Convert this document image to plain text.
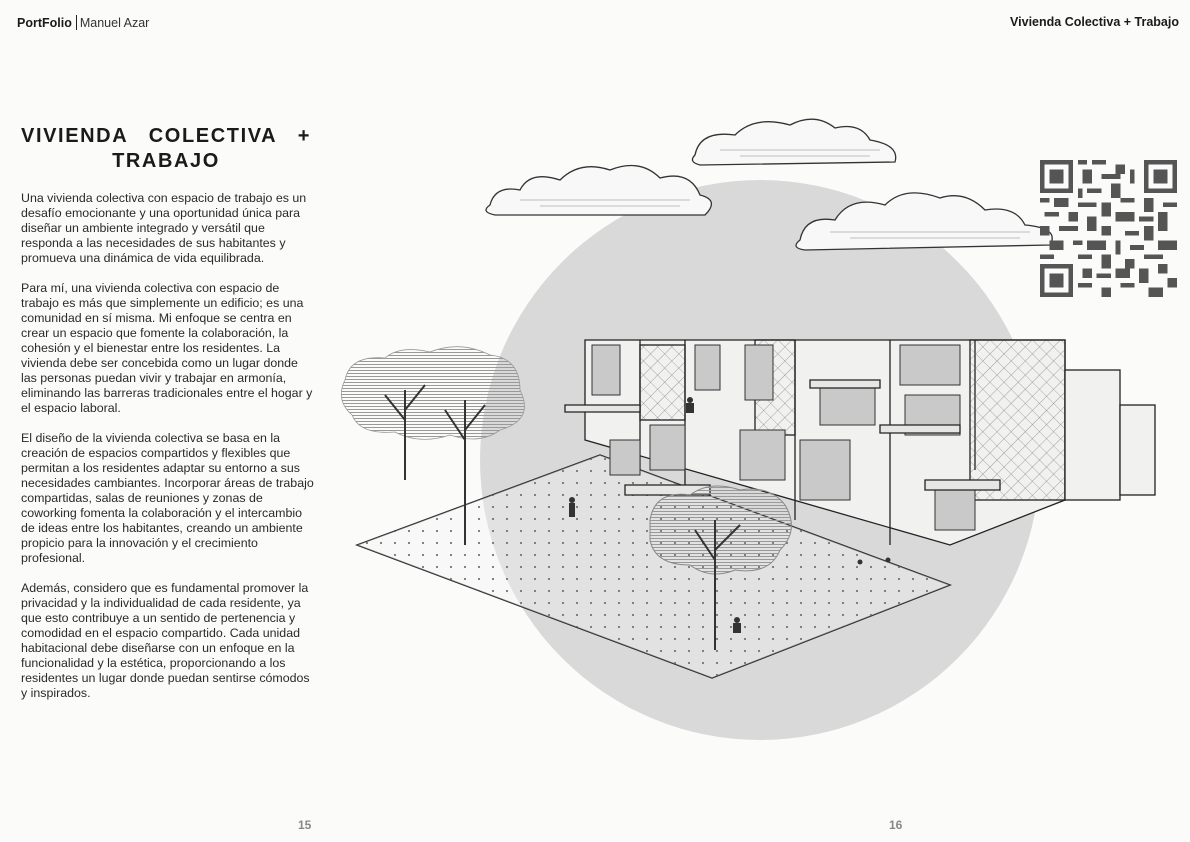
PortFolio Manuel Azar	Vivienda Colectiva + Trabajo
VIVIENDA COLECTIVA + TRABAJO

Una vivienda colectiva con espacio de trabajo es un desafío emocionante y una oportunidad única para diseñar un ambiente integrado y versátil que responda a las necesidades de sus habitantes y promueva una dinámica de vida equilibrada.

Para mí, una vivienda colectiva con espacio de trabajo es más que simplemente un edificio; es una comunidad en sí misma. Mi enfoque se centra en crear un espacio que fomente la colaboración, la cohesión y el bienestar entre los residentes. La vivienda debe ser concebida como un lugar donde las personas puedan vivir y trabajar en armonía, eliminando las barreras tradicionales entre el hogar y el espacio laboral.

El diseño de la vivienda colectiva se basa en la creación de espacios compartidos y flexibles que permitan a los residentes adaptar su entorno a sus necesidades cambiantes. Incorporar áreas de trabajo compartidas, salas de reuniones y zonas de coworking fomenta la colaboración y el intercambio de ideas entre los habitantes, creando un ambiente propicio para la innovación y el crecimiento profesional.

Además, considero que es fundamental promover la privacidad y la individualidad de cada residente, ya que esto contribuye a un sentido de pertenencia y comodidad en el espacio compartido. Cada unidad habitacional debe diseñarse con un enfoque en la funcionalidad y la estética, proporcionando a los residentes un lugar donde puedan sentirse cómodos y inspirados.

15	16
